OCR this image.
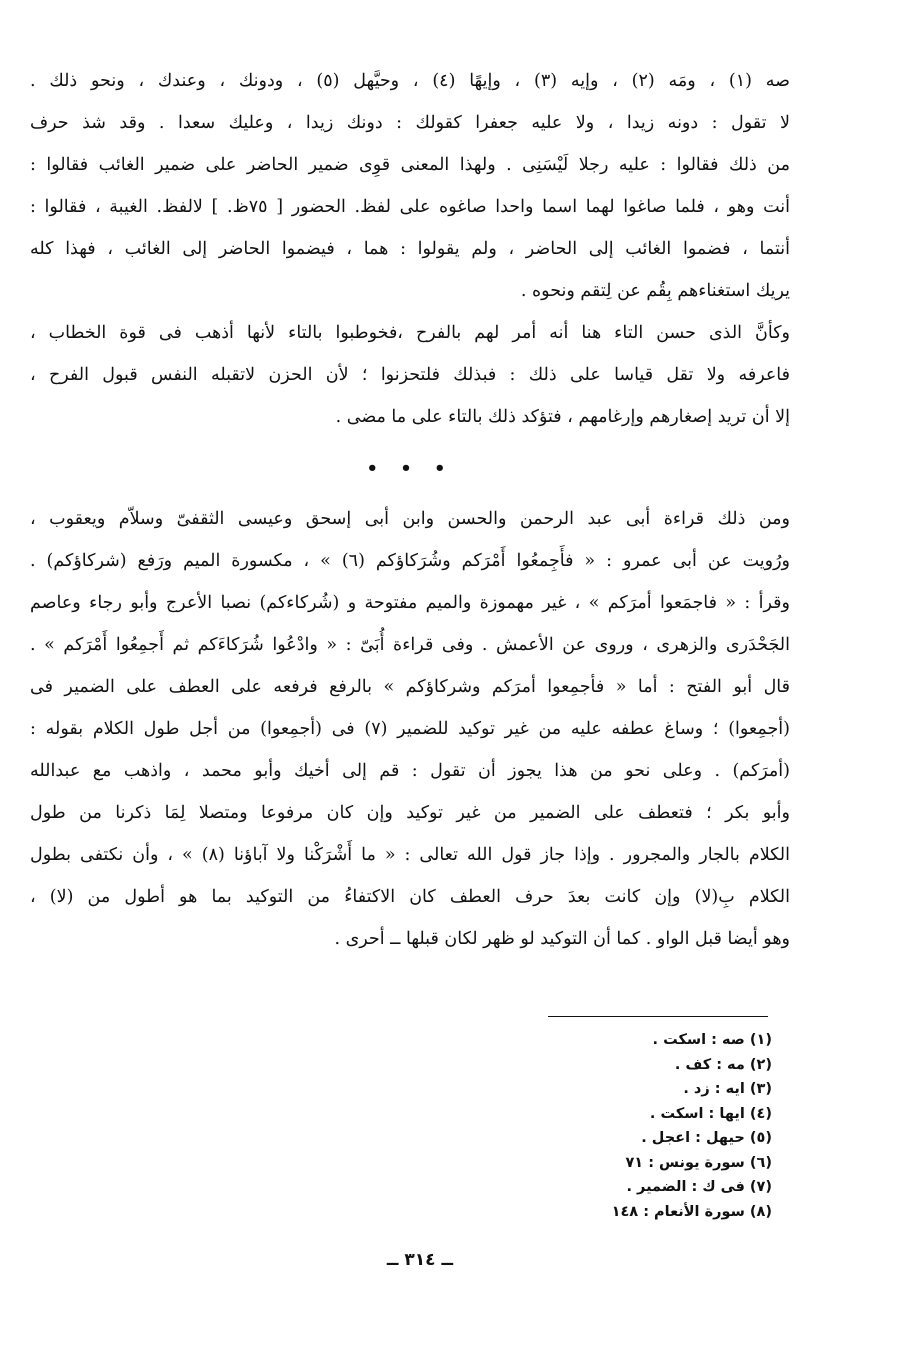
صه (١) ، ومَه (٢) ، وإيه (٣) ، وإيهًا (٤) ، وحيَّهل (٥) ، ودونك ، وعندك ، ونحو ذلك .
لا تقول : دونه زيدا ، ولا عليه جعفرا كقولك : دونك زيدا ، وعليك سعدا . وقد شذ حرف
من ذلك فقالوا : عليه رجلا لَيْسَنِى . ولهذا المعنى قوِى ضمير الحاضر على ضمير الغائب فقالوا :
أنت وهو ، فلما صاغوا لهما اسما واحدا صاغوه على لفظ. الحضور [ ٧٥ظ. ] لالفظ. الغيبة ، فقالوا :
أنتما ، فضموا الغائب إلى الحاضر ، ولم يقولوا : هما ، فيضموا الحاضر إلى الغائب ، فهذا كله
يريك استغناءهم بِقُم عن لِتقم ونحوه .
وكأنَّ الذى حسن التاء هنا أنه أمر لهم بالفرح ،فخوطبوا بالتاء لأنها أذهب فى قوة الخطاب ،
فاعرفه ولا تقل قياسا على ذلك : فبذلك فلتحزنوا ؛ لأن الحزن لاتقبله النفس قبول الفرح ،
إلا أن تريد إصغارهم وإرغامهم ، فتؤكد ذلك بالتاء على ما مضى .
• • •
ومن ذلك قراءة أبى عبد الرحمن والحسن وابن أبى إسحق وعيسى الثقفىّ وسلاّم ويعقوب ،
ورُويت عن أبى عمرو : « فأَجِمعُوا أَمْرَكم وشُرَكاؤكم (٦) » ، مكسورة الميم ورَفع (شركاؤكم) .
وقرأ : « فاجمَعوا أمرَكم » ، غير مهموزة والميم مفتوحة و (شُركاءكم) نصبا الأعرج وأبو رجاء وعاصم
الجَحْدَرى والزهرى ، وروى عن الأعمش . وفى قراءة أُبَىّ : « وادْعُوا شُرَكاءَكم ثم أَجمِعُوا أَمْرَكم » .
قال أبو الفتح : أما « فأجمِعوا أمرَكم وشركاؤكم » بالرفع فرفعه على العطف على الضمير فى
(أجمِعوا) ؛ وساغ عطفه عليه من غير توكيد للضمير (٧) فى (أجمِعوا) من أجل طول الكلام بقوله :
(أمرَكم) . وعلى نحو من هذا يجوز أن تقول : قم إلى أخيك وأبو محمد ، واذهب مع عبدالله
وأبو بكر ؛ فتعطف على الضمير من غير توكيد وإن كان مرفوعا ومتصلا لِمَا ذكرنا من طول
الكلام بالجار والمجرور . وإذا جاز قول الله تعالى : « ما أَشْرَكْنا ولا آباؤنا (٨) » ، وأن نكتفى بطول
الكلام بِ(لا) وإن كانت بعدَ حرف العطف كان الاكتفاءُ من التوكيد بما هو أطول من (لا) ،
وهو أيضا قبل الواو . كما أن التوكيد لو ظهر لكان قبلها ــ أحرى .
(١) صه : اسكت .
(٢) مه : كف .
(٣) ايه : زد .
(٤) ايها : اسكت .
(٥) حيهل : اعجل .
(٦) سورة يونس : ٧١
(٧) فى ك : الضمير .
(٨) سورة الأنعام : ١٤٨
ــ ٣١٤ ــ
